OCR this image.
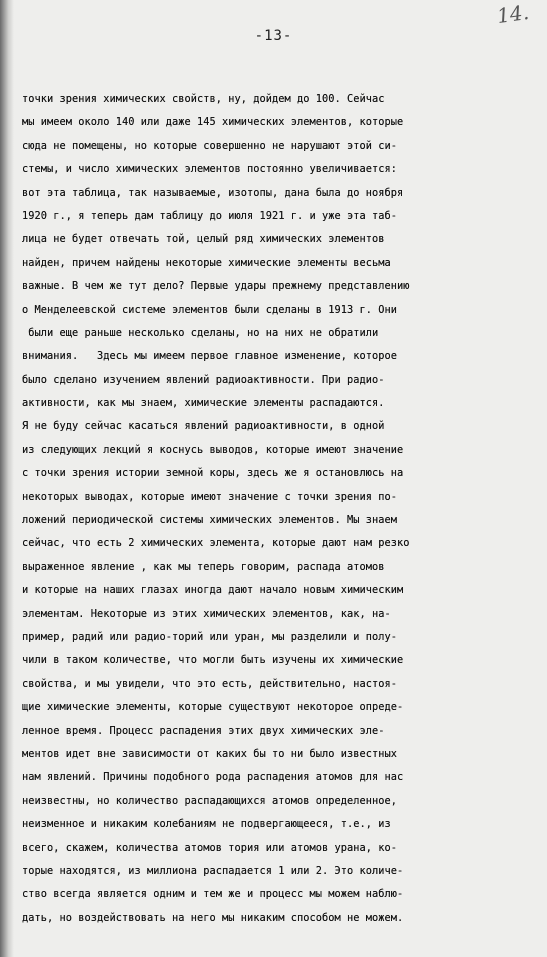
14.
-13-
точки зрения химических свойств, ну, дойдем до 100. Сейчас
мы имеем около 140 или даже 145 химических элементов, которые
сюда не помещены, но которые совершенно не нарушают этой си-
стемы, и число химических элементов постоянно увеличивается:
вот эта таблица, так называемые, изотопы, дана была до ноября
1920 г., я теперь дам таблицу до июля 1921 г. и уже эта таб-
лица не будет отвечать той, целый ряд химических элементов
найден, причем найдены некоторые химические элементы весьма
важные. В чем же тут дело? Первые удары прежнему представлению
о Менделеевской системе элементов были сделаны в 1913 г. Они
были еще раньше несколько сделаны, но на них не обратили
внимания.   Здесь мы имеем первое главное изменение, которое
было сделано изучением явлений радиоактивности. При радио-
активности, как мы знаем, химические элементы распадаются.
Я не буду сейчас касаться явлений радиоактивности, в одной
из следующих лекций я коснусь выводов, которые имеют значение
с точки зрения истории земной коры, здесь же я остановлюсь на
некоторых выводах, которые имеют значение с точки зрения по-
ложений периодической системы химических элементов. Мы знаем
сейчас, что есть 2 химических элемента, которые дают нам резко
выраженное явление , как мы теперь говорим, распада атомов
и которые на наших глазах иногда дают начало новым химическим
элементам. Некоторые из этих химических элементов, как, на-
пример, радий или радио-торий или уран, мы разделили и полу-
чили в таком количестве, что могли быть изучены их химические
свойства, и мы увидели, что это есть, действительно, настоя-
щие химические элементы, которые существуют некоторое опреде-
ленное время. Процесс распадения этих двух химических эле-
ментов идет вне зависимости от каких бы то ни было известных
нам явлений. Причины подобного рода распадения атомов для нас
неизвестны, но количество распадающихся атомов определенное,
неизменное и никаким колебаниям не подвергающееся, т.е., из
всего, скажем, количества атомов тория или атомов урана, ко-
торые находятся, из миллиона распадается 1 или 2. Это количе-
ство всегда является одним и тем же и процесс мы можем наблю-
дать, но воздействовать на него мы никаким способом не можем.
